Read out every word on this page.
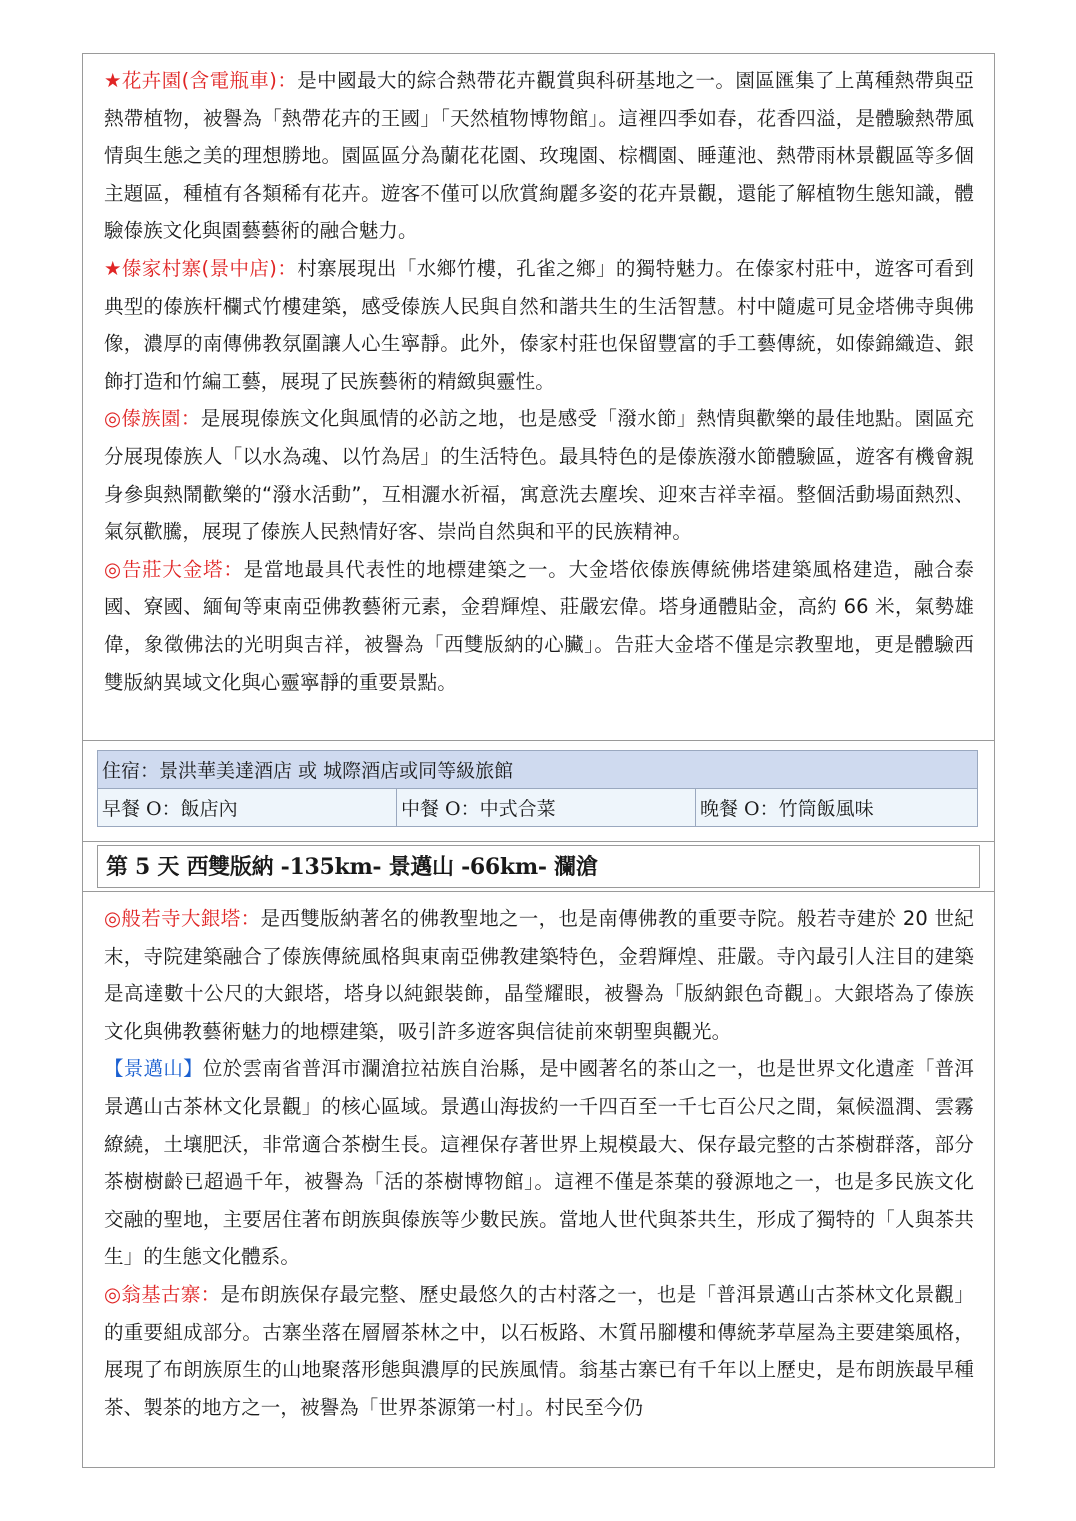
★花卉園(含電瓶車)：是中國最大的綜合熱帶花卉觀賞與科研基地之一。園區匯集了上萬種熱帶與亞熱帶植物，被譽為「熱帶花卉的王國」「天然植物博物館」。這裡四季如春，花香四溢，是體驗熱帶風情與生態之美的理想勝地。園區區分為蘭花花園、玫瑰園、棕櫚園、睡蓮池、熱帶雨林景觀區等多個主題區，種植有各類稀有花卉。遊客不僅可以欣賞絢麗多姿的花卉景觀，還能了解植物生態知識，體驗傣族文化與園藝藝術的融合魅力。

★傣家村寨(景中店)：村寨展現出「水鄉竹樓，孔雀之鄉」的獨特魅力。在傣家村莊中，遊客可看到典型的傣族杆欄式竹樓建築，感受傣族人民與自然和諧共生的生活智慧。村中隨處可見金塔佛寺與佛像，濃厚的南傳佛教氛圍讓人心生寧靜。此外，傣家村莊也保留豐富的手工藝傳統，如傣錦織造、銀飾打造和竹編工藝，展現了民族藝術的精緻與靈性。

◎傣族園：是展現傣族文化與風情的必訪之地，也是感受「潑水節」熱情與歡樂的最佳地點。園區充分展現傣族人「以水為魂、以竹為居」的生活特色。最具特色的是傣族潑水節體驗區，遊客有機會親身參與熱鬧歡樂的“潑水活動”，互相灑水祈福，寓意洗去塵埃、迎來吉祥幸福。整個活動場面熱烈、氣氛歡騰，展現了傣族人民熱情好客、崇尚自然與和平的民族精神。

◎告莊大金塔：是當地最具代表性的地標建築之一。大金塔依傣族傳統佛塔建築風格建造，融合泰國、寮國、緬甸等東南亞佛教藝術元素，金碧輝煌、莊嚴宏偉。塔身通體貼金，高約 66 米，氣勢雄偉，象徵佛法的光明與吉祥，被譽為「西雙版納的心臟」。告莊大金塔不僅是宗教聖地，更是體驗西雙版納異域文化與心靈寧靜的重要景點。

住宿：景洪華美達酒店 或 城際酒店或同等級旅館
早餐 O：飯店內	中餐 O：中式合菜	晚餐 O：竹筒飯風味
第 5 天 西雙版納 -135km- 景邁山 -66km- 瀾滄

◎般若寺大銀塔：是西雙版納著名的佛教聖地之一，也是南傳佛教的重要寺院。般若寺建於 20 世紀末，寺院建築融合了傣族傳統風格與東南亞佛教建築特色，金碧輝煌、莊嚴。寺內最引人注目的建築是高達數十公尺的大銀塔，塔身以純銀裝飾，晶瑩耀眼，被譽為「版納銀色奇觀」。大銀塔為了傣族文化與佛教藝術魅力的地標建築，吸引許多遊客與信徒前來朝聖與觀光。

【景邁山】位於雲南省普洱市瀾滄拉祜族自治縣，是中國著名的茶山之一，也是世界文化遺產「普洱景邁山古茶林文化景觀」的核心區域。景邁山海拔約一千四百至一千七百公尺之間，氣候溫潤、雲霧繚繞，土壤肥沃，非常適合茶樹生長。這裡保存著世界上規模最大、保存最完整的古茶樹群落，部分茶樹樹齡已超過千年，被譽為「活的茶樹博物館」。這裡不僅是茶葉的發源地之一，也是多民族文化交融的聖地，主要居住著布朗族與傣族等少數民族。當地人世代與茶共生，形成了獨特的「人與茶共生」的生態文化體系。

◎翁基古寨：是布朗族保存最完整、歷史最悠久的古村落之一，也是「普洱景邁山古茶林文化景觀」的重要組成部分。古寨坐落在層層茶林之中，以石板路、木質吊腳樓和傳統茅草屋為主要建築風格，展現了布朗族原生的山地聚落形態與濃厚的民族風情。翁基古寨已有千年以上歷史，是布朗族最早種茶、製茶的地方之一，被譽為「世界茶源第一村」。村民至今仍
